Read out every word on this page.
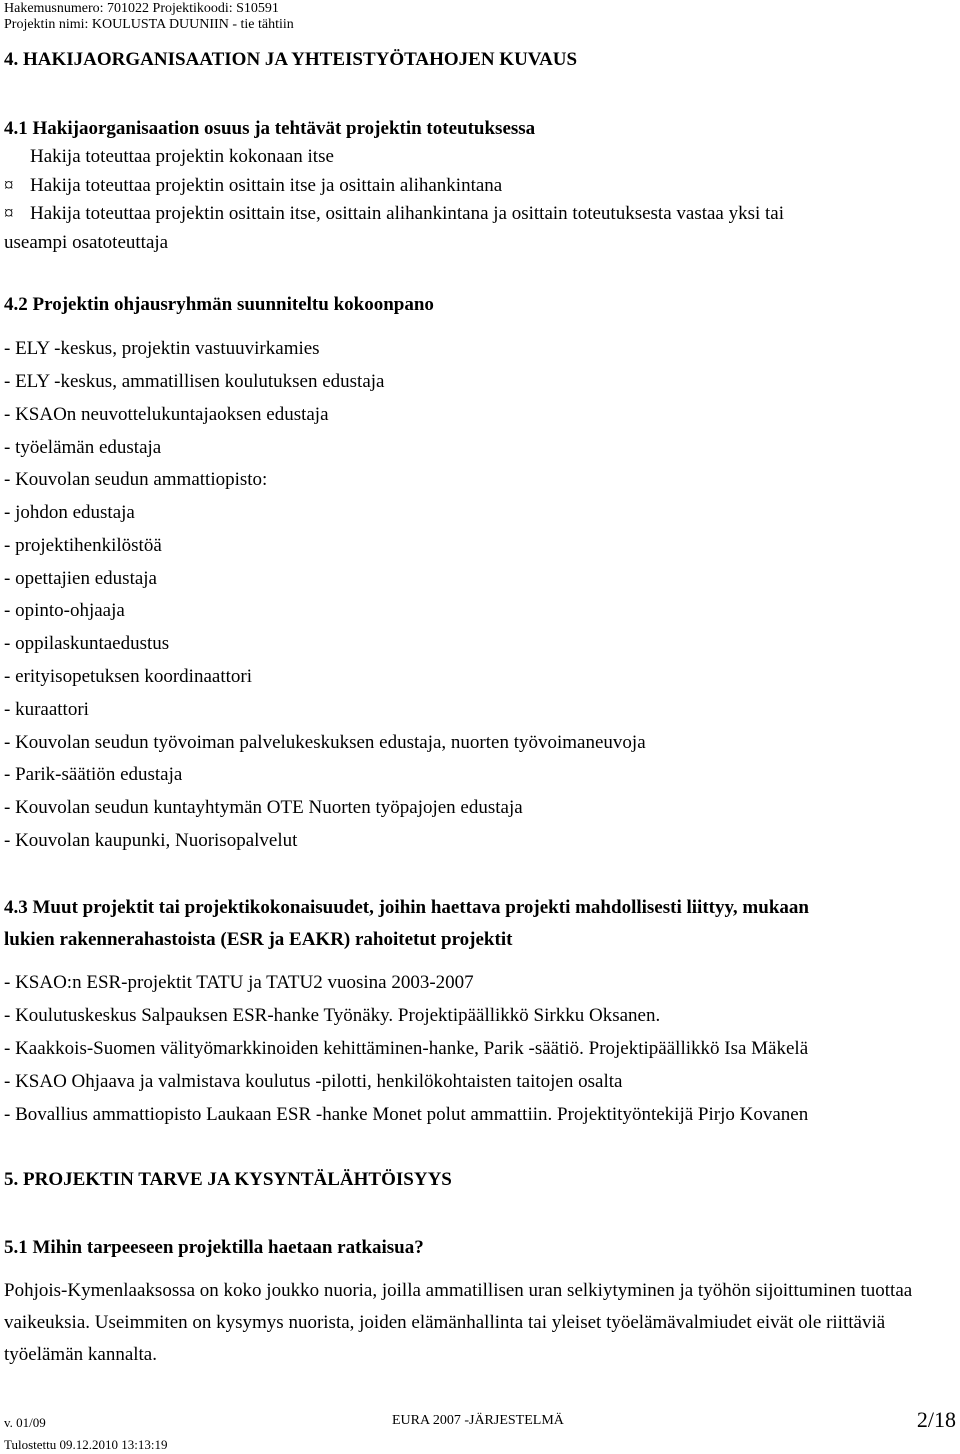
Hakemusnumero: 701022 Projektikoodi: S10591
Projektin nimi: KOULUSTA DUUNIIN - tie tähtiin
4. HAKIJAORGANISAATION JA YHTEISTYÖTAHOJEN KUVAUS
4.1 Hakijaorganisaation osuus ja tehtävät projektin toteutuksessa
Hakija toteuttaa projektin kokonaan itse
¤ Hakija toteuttaa projektin osittain itse ja osittain alihankintana
¤ Hakija toteuttaa projektin osittain itse, osittain alihankintana ja osittain toteutuksesta vastaa yksi tai
useampi osatoteuttaja
4.2 Projektin ohjausryhmän suunniteltu kokoonpano
- ELY -keskus, projektin vastuuvirkamies
- ELY -keskus, ammatillisen koulutuksen edustaja
- KSAOn neuvottelukuntajaoksen edustaja
- työelämän edustaja
- Kouvolan seudun ammattiopisto:
- johdon edustaja
- projektihenkilöstöä
- opettajien edustaja
- opinto-ohjaaja
- oppilaskuntaedustus
- erityisopetuksen koordinaattori
- kuraattori
- Kouvolan seudun työvoiman palvelukeskuksen edustaja, nuorten työvoimaneuvoja
- Parik-säätiön edustaja
- Kouvolan seudun kuntayhtymän OTE Nuorten työpajojen edustaja
- Kouvolan kaupunki, Nuorisopalvelut
4.3 Muut projektit tai projektikokonaisuudet, joihin haettava projekti mahdollisesti liittyy, mukaan
lukien rakennerahastoista (ESR ja EAKR) rahoitetut projektit
- KSAO:n ESR-projektit TATU ja TATU2 vuosina 2003-2007
- Koulutuskeskus Salpauksen ESR-hanke Työnäky. Projektipäällikkö Sirkku Oksanen.
- Kaakkois-Suomen välityömarkkinoiden kehittäminen-hanke, Parik -säätiö. Projektipäällikkö Isa Mäkelä
- KSAO Ohjaava ja valmistava koulutus -pilotti, henkilökohtaisten taitojen osalta
- Bovallius ammattiopisto Laukaan ESR -hanke Monet polut ammattiin. Projektityöntekijä Pirjo Kovanen
5. PROJEKTIN TARVE JA KYSYNTÄLÄHTÖISYYS
5.1 Mihin tarpeeseen projektilla haetaan ratkaisua?
Pohjois-Kymenlaaksossa on koko joukko nuoria, joilla ammatillisen uran selkiytyminen ja työhön sijoittuminen tuottaa vaikeuksia. Useimmiten on kysymys nuorista, joiden elämänhallinta tai yleiset työelämävalmiudet eivät ole riittäviä työelämän kannalta.
v. 01/09
Tulostettu 09.12.2010 13:13:19
EURA 2007 -JÄRJESTELMÄ	2/18
